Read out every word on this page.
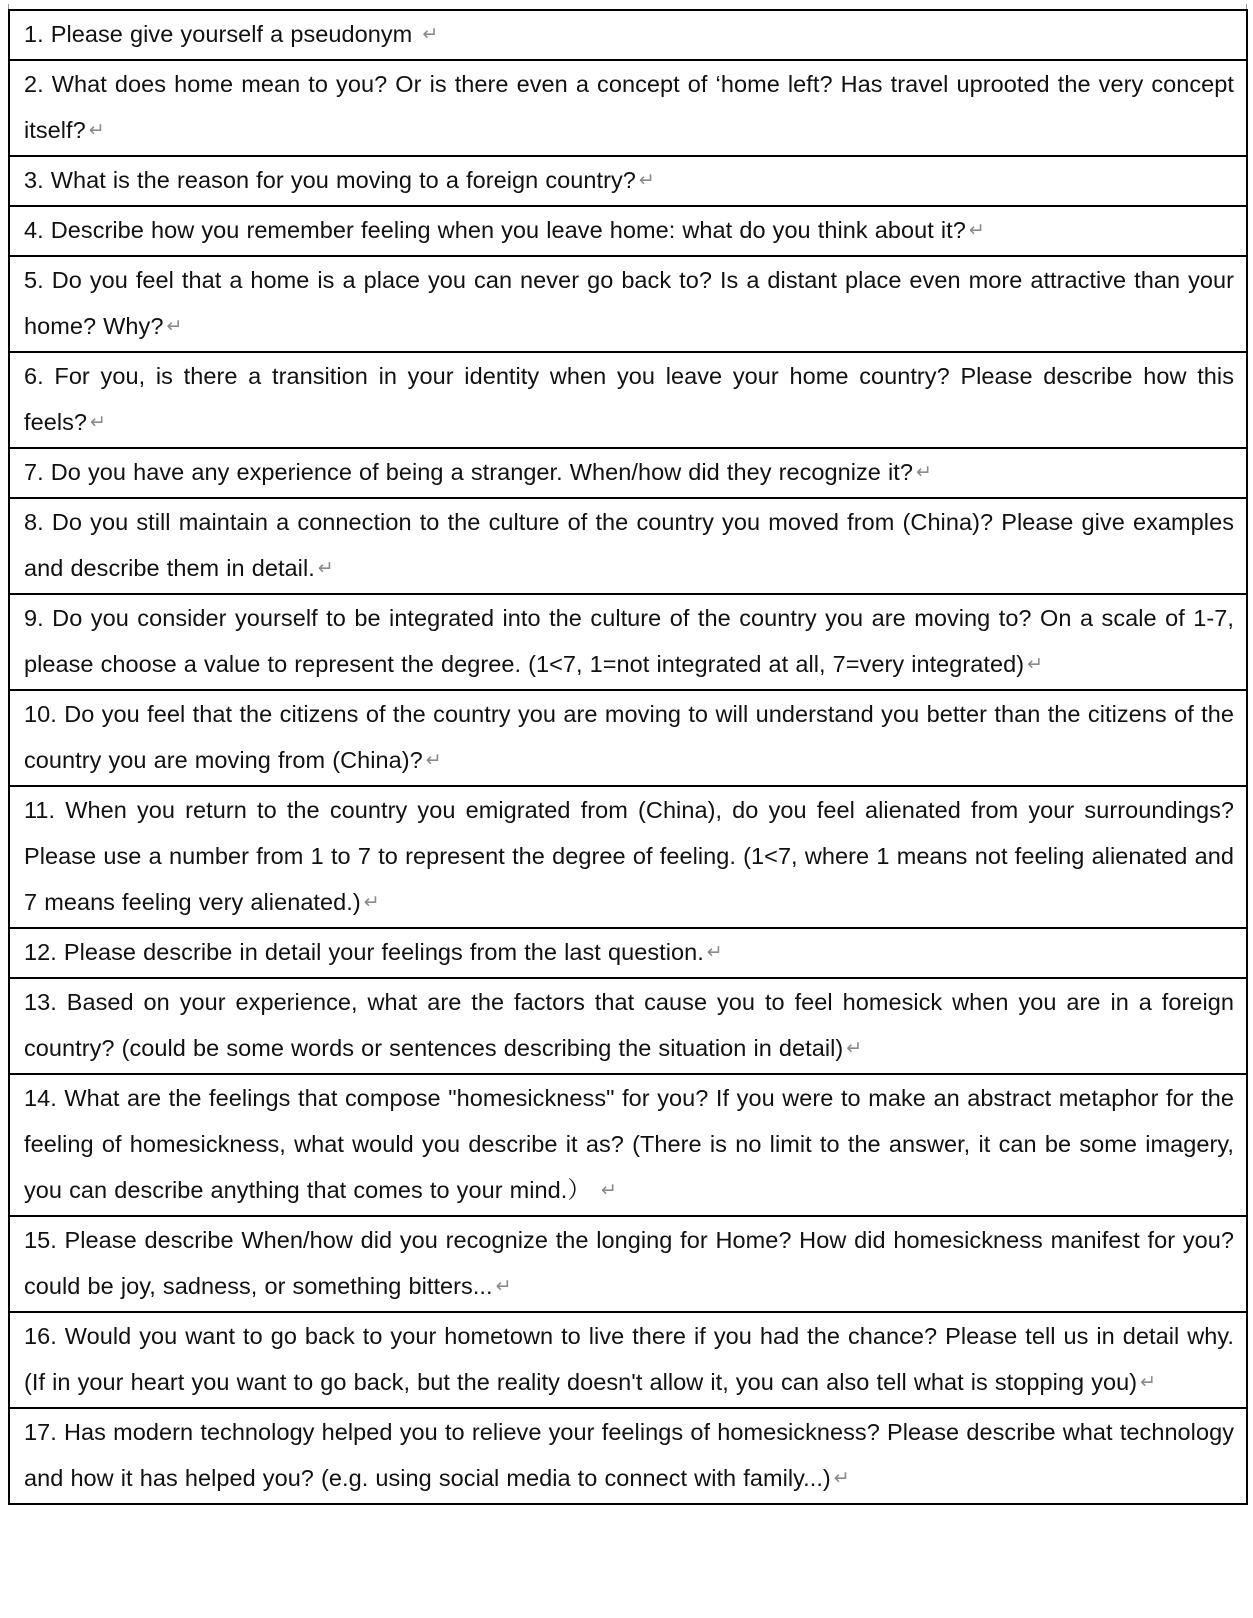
1. Please give yourself a pseudonym ↵
2. What does home mean to you? Or is there even a concept of ‘home left? Has travel uprooted the very concept itself? ↵
3. What is the reason for you moving to a foreign country? ↵
4. Describe how you remember feeling when you leave home: what do you think about it? ↵
5. Do you feel that a home is a place you can never go back to? Is a distant place even more attractive than your home? Why? ↵
6. For you, is there a transition in your identity when you leave your home country? Please describe how this feels? ↵
7. Do you have any experience of being a stranger. When/how did they recognize it? ↵
8. Do you still maintain a connection to the culture of the country you moved from (China)? Please give examples and describe them in detail. ↵
9. Do you consider yourself to be integrated into the culture of the country you are moving to? On a scale of 1-7, please choose a value to represent the degree. (1<7, 1=not integrated at all, 7=very integrated) ↵
10. Do you feel that the citizens of the country you are moving to will understand you better than the citizens of the country you are moving from (China)? ↵
11. When you return to the country you emigrated from (China), do you feel alienated from your surroundings? Please use a number from 1 to 7 to represent the degree of feeling. (1<7, where 1 means not feeling alienated and 7 means feeling very alienated.) ↵
12. Please describe in detail your feelings from the last question. ↵
13. Based on your experience, what are the factors that cause you to feel homesick when you are in a foreign country? (could be some words or sentences describing the situation in detail) ↵
14. What are the feelings that compose "homesickness" for you? If you were to make an abstract metaphor for the feeling of homesickness, what would you describe it as? (There is no limit to the answer, it can be some imagery, you can describe anything that comes to your mind.） ↵
15. Please describe When/how did you recognize the longing for Home? How did homesickness manifest for you? could be joy, sadness, or something bitters... ↵
16. Would you want to go back to your hometown to live there if you had the chance? Please tell us in detail why. (If in your heart you want to go back, but the reality doesn't allow it, you can also tell what is stopping you) ↵
17. Has modern technology helped you to relieve your feelings of homesickness? Please describe what technology and how it has helped you? (e.g. using social media to connect with family...) ↵
